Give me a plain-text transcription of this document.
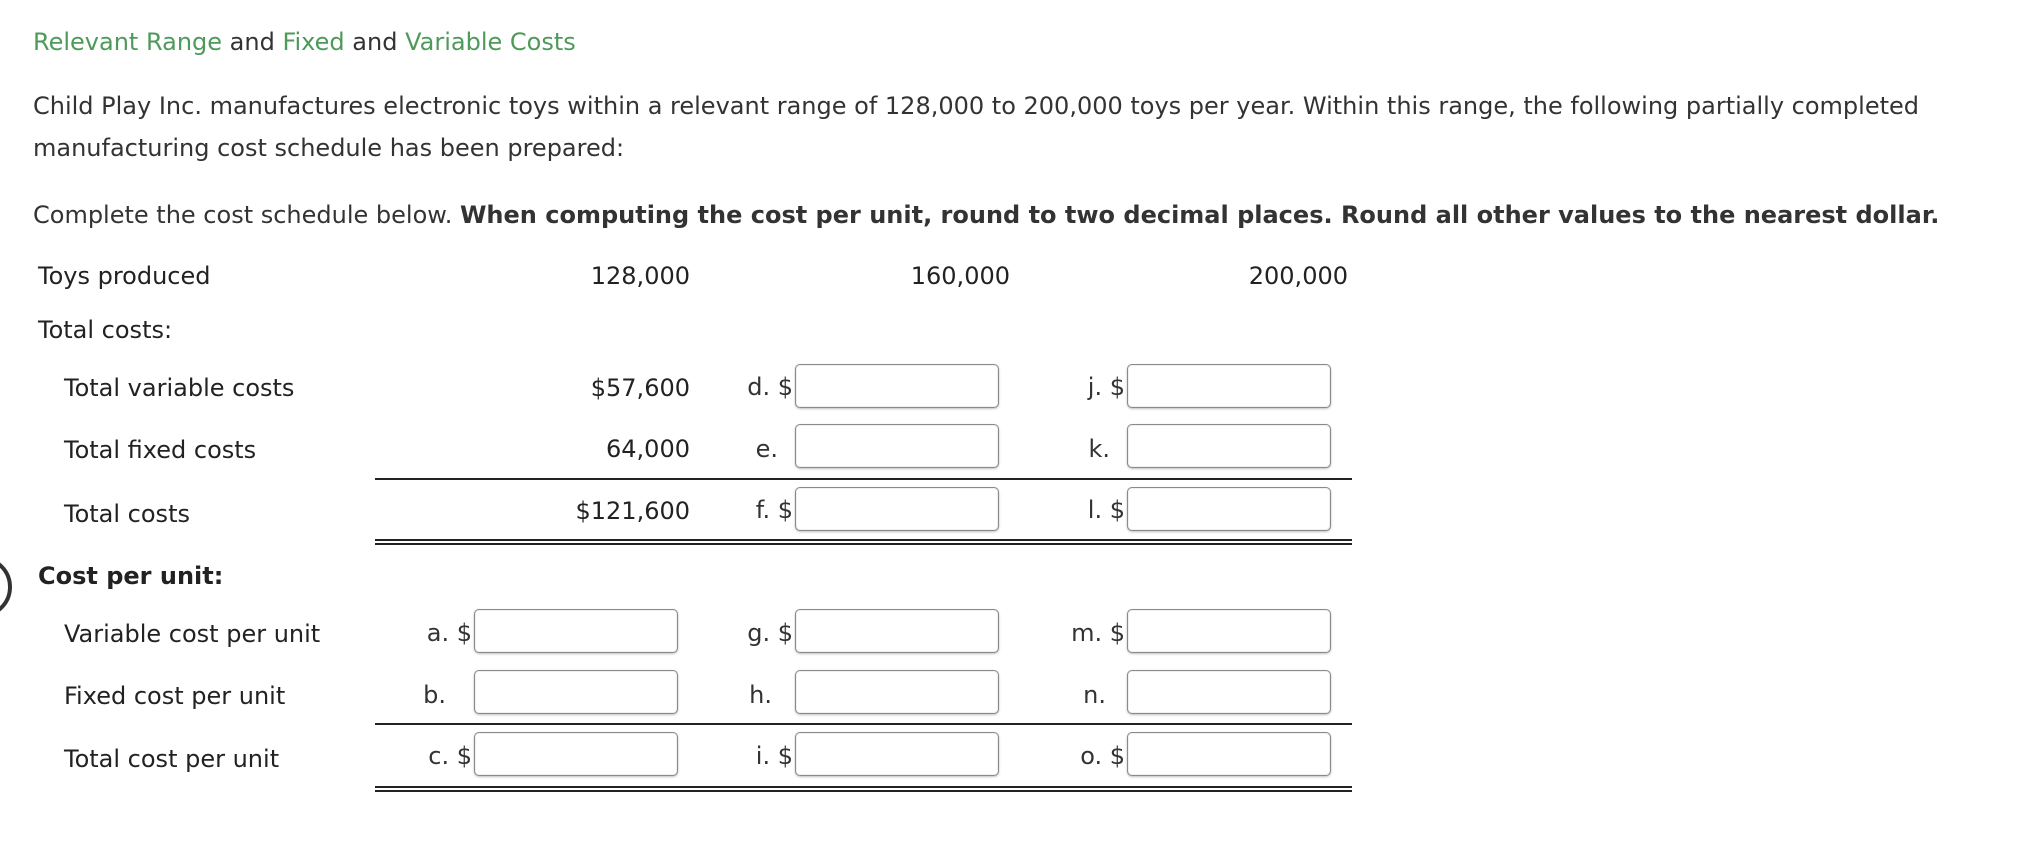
Relevant Range and Fixed and Variable Costs
Child Play Inc. manufactures electronic toys within a relevant range of 128,000 to 200,000 toys per year. Within this range, the following partially completed manufacturing cost schedule has been prepared:
Complete the cost schedule below. When computing the cost per unit, round to two decimal places. Round all other values to the nearest dollar.
Toys produced	128,000	160,000	200,000
Total costs:
Total variable costs	$57,600	d. $	j. $
Total fixed costs	64,000	e.	k.
Total costs	$121,600	f. $	l. $
Cost per unit:
Variable cost per unit	a. $	g. $	m. $
Fixed cost per unit	b.	h.	n.
Total cost per unit	c. $	i. $	o. $
